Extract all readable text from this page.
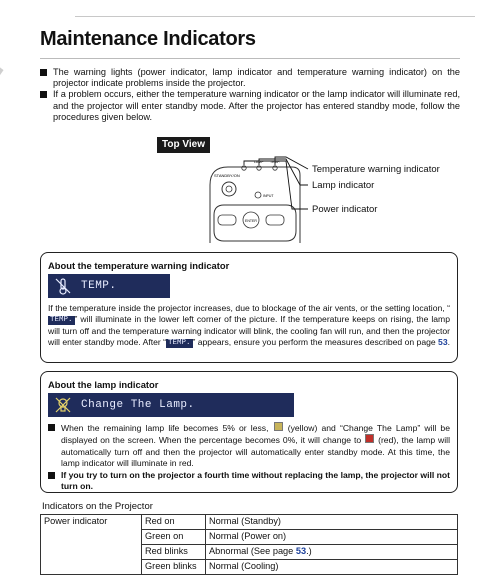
Maintenance Indicators
The warning lights (power indicator, lamp indicator and temperature warning indicator) on the projector indicate problems inside the projector.
If a problem occurs, either the temperature warning indicator or the lamp indicator will illuminate red, and the projector will enter standby mode. After the projector has entered standby mode, follow the procedures given below.
Top View
STANDBY/ON
LAMP TEMP.
INPUT
ENTER
Temperature warning indicator
Lamp indicator
Power indicator
About the temperature warning indicator
TEMP.
If the temperature inside the projector increases, due to blockage of the air vents, or the setting location, “TEMP. ” will illuminate in the lower left corner of the picture. If the temperature keeps on rising, the lamp will turn off and the temperature warning indicator will blink, the cooling fan will run, and then the projector will enter standby mode. After “ TEMP. ” appears, ensure you perform the measures described on page 53.
About the lamp indicator
Change The Lamp.
When the remaining lamp life becomes 5% or less,  (yellow) and “Change The Lamp” will be displayed on the screen. When the percentage becomes 0%, it will change to  (red), the lamp will automatically turn off and then the projector will automatically enter standby mode. At this time, the lamp indicator will illuminate in red.
If you try to turn on the projector a fourth time without replacing the lamp, the projector will not turn on.
Indicators on the Projector
Power indicator	Red on	Normal (Standby)
	Green on	Normal (Power on)
	Red blinks	Abnormal (See page 53.)
	Green blinks	Normal (Cooling)
